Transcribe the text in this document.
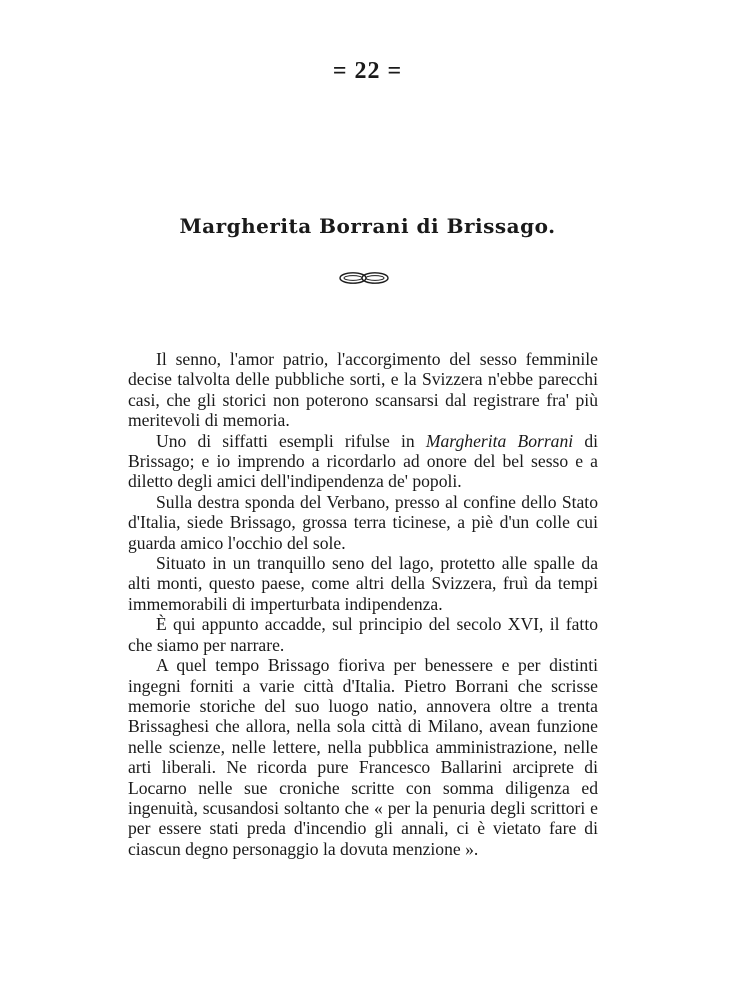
= 22 =
Margherita Borrani di Brissago.

Il senno, l'amor patrio, l'accorgimento del sesso femminile decise talvolta delle pubbliche sorti, e la Svizzera n'ebbe parecchi casi, che gli storici non poterono scansarsi dal registrare fra' più meritevoli di memoria.

Uno di siffatti esempli rifulse in Margherita Borrani di Brissago; e io imprendo a ricordarlo ad onore del bel sesso e a diletto degli amici dell'indipendenza de' popoli.

Sulla destra sponda del Verbano, presso al confine dello Stato d'Italia, siede Brissago, grossa terra ticinese, a piè d'un colle cui guarda amico l'occhio del sole.

Situato in un tranquillo seno del lago, protetto alle spalle da alti monti, questo paese, come altri della Svizzera, fruì da tempi immemorabili di imperturbata indipendenza.

È qui appunto accadde, sul principio del secolo XVI, il fatto che siamo per narrare.

A quel tempo Brissago fioriva per benessere e per distinti ingegni forniti a varie città d'Italia. Pietro Borrani che scrisse memorie storiche del suo luogo natio, annovera oltre a trenta Brissaghesi che allora, nella sola città di Milano, avean funzione nelle scienze, nelle lettere, nella pubblica amministrazione, nelle arti liberali. Ne ricorda pure Francesco Ballarini arciprete di Locarno nelle sue croniche scritte con somma diligenza ed ingenuità, scusandosi soltanto che « per la penuria degli scrittori e per essere stati preda d'incendio gli annali, ci è vietato fare di ciascun degno personaggio la dovuta menzione ».
